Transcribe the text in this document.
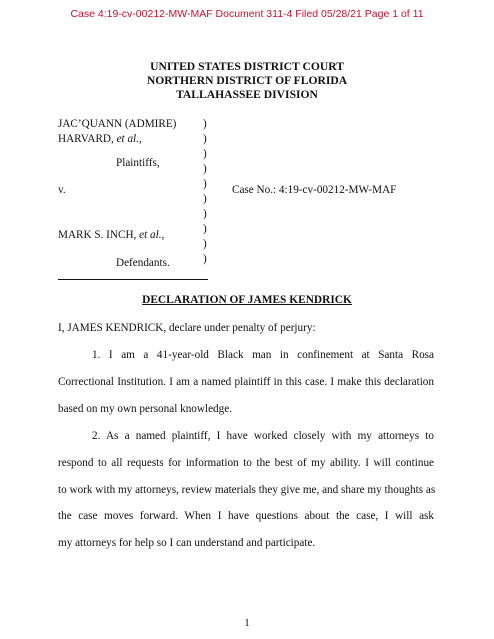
Case 4:19-cv-00212-MW-MAF Document 311-4 Filed 05/28/21 Page 1 of 11
UNITED STATES DISTRICT COURT
NORTHERN DISTRICT OF FLORIDA
TALLAHASSEE DIVISION
JAC’QUANN (ADMIRE)
HARVARD, et al.,
Plaintiffs,
v.
MARK S. INCH, et al.,
Defendants.
)
)
)
)
)
)
)
)
)
)
Case No.: 4:19-cv-00212-MW-MAF
DECLARATION OF JAMES KENDRICK
I, JAMES KENDRICK, declare under penalty of perjury:
1. I am a 41-year-old Black man in confinement at Santa Rosa
Correctional Institution. I am a named plaintiff in this case. I make this declaration
based on my own personal knowledge.
2. As a named plaintiff, I have worked closely with my attorneys to
respond to all requests for information to the best of my ability. I will continue
to work with my attorneys, review materials they give me, and share my thoughts as
the case moves forward. When I have questions about the case, I will ask
my attorneys for help so I can understand and participate.
1
